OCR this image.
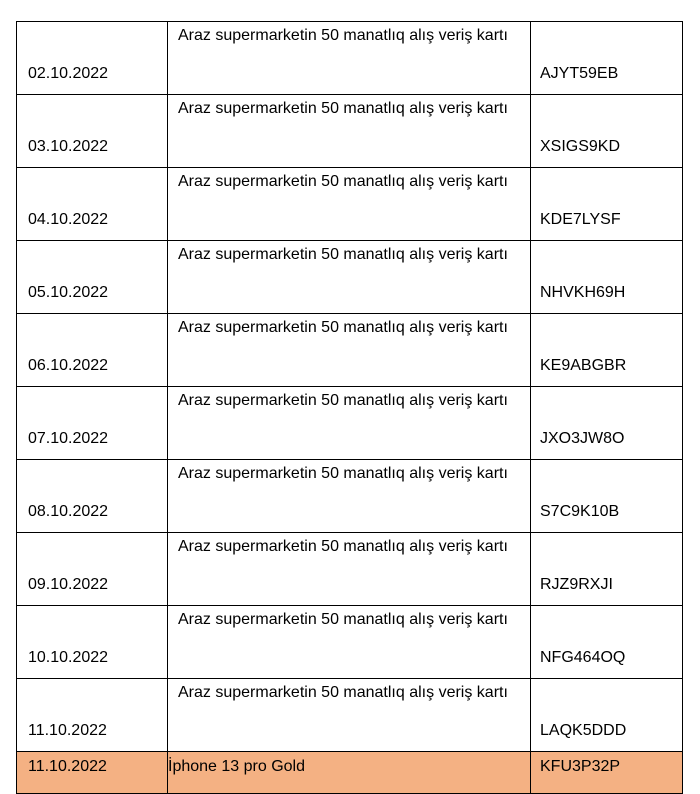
02.10.2022	Araz supermarketin 50 manatlıq alış veriş kartı	AJYT59EB
03.10.2022	Araz supermarketin 50 manatlıq alış veriş kartı	XSIGS9KD
04.10.2022	Araz supermarketin 50 manatlıq alış veriş kartı	KDE7LYSF
05.10.2022	Araz supermarketin 50 manatlıq alış veriş kartı	NHVKH69H
06.10.2022	Araz supermarketin 50 manatlıq alış veriş kartı	KE9ABGBR
07.10.2022	Araz supermarketin 50 manatlıq alış veriş kartı	JXO3JW8O
08.10.2022	Araz supermarketin 50 manatlıq alış veriş kartı	S7C9K10B
09.10.2022	Araz supermarketin 50 manatlıq alış veriş kartı	RJZ9RXJI
10.10.2022	Araz supermarketin 50 manatlıq alış veriş kartı	NFG464OQ
11.10.2022	Araz supermarketin 50 manatlıq alış veriş kartı	LAQK5DDD
11.10.2022	İphone 13 pro Gold	KFU3P32P
